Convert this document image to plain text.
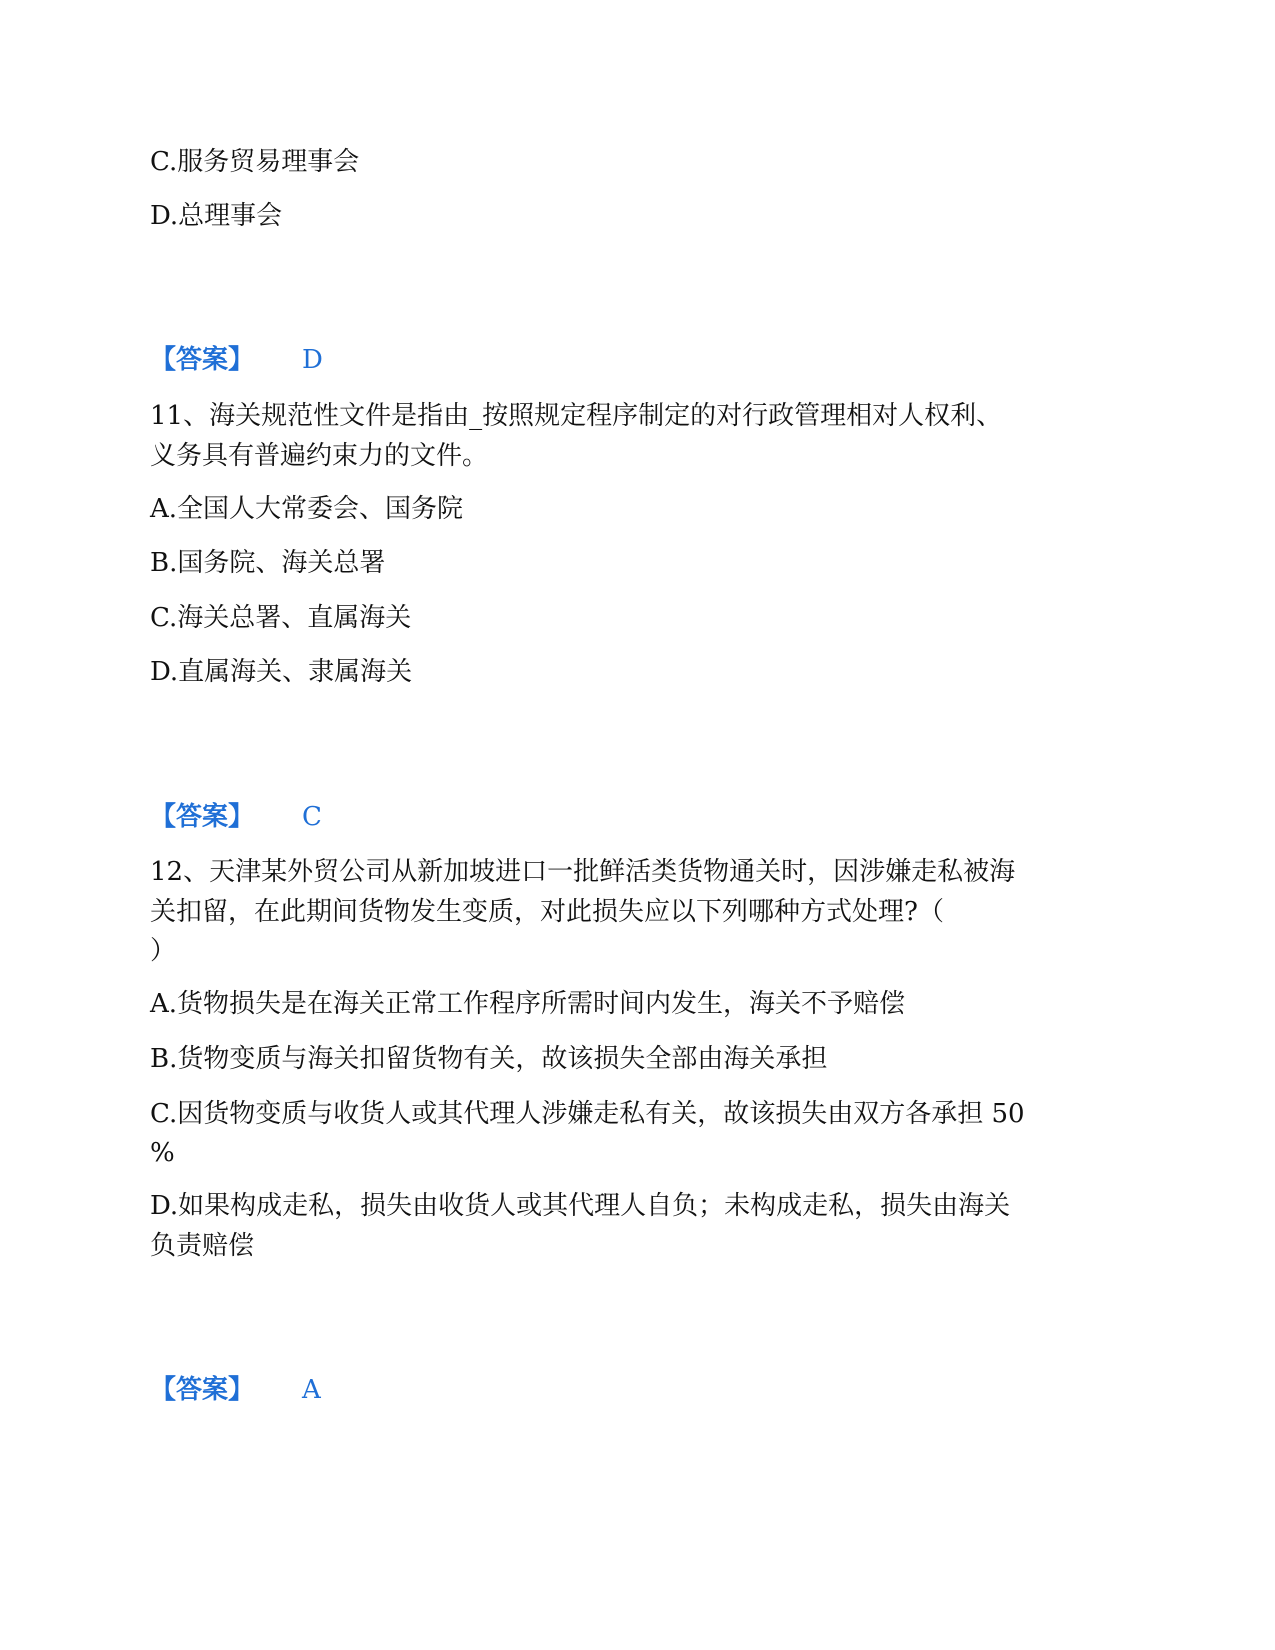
C.服务贸易理事会
D.总理事会
【答案】 D
11、海关规范性文件是指由_按照规定程序制定的对行政管理相对人权利、
义务具有普遍约束力的文件。
A.全国人大常委会、国务院
B.国务院、海关总署
C.海关总署、直属海关
D.直属海关、隶属海关
【答案】 C
12、天津某外贸公司从新加坡进口一批鲜活类货物通关时，因涉嫌走私被海
关扣留，在此期间货物发生变质，对此损失应以下列哪种方式处理?（
）
A.货物损失是在海关正常工作程序所需时间内发生，海关不予赔偿
B.货物变质与海关扣留货物有关，故该损失全部由海关承担
C.因货物变质与收货人或其代理人涉嫌走私有关，故该损失由双方各承担 50
%
D.如果构成走私，损失由收货人或其代理人自负；未构成走私，损失由海关
负责赔偿
【答案】 A
